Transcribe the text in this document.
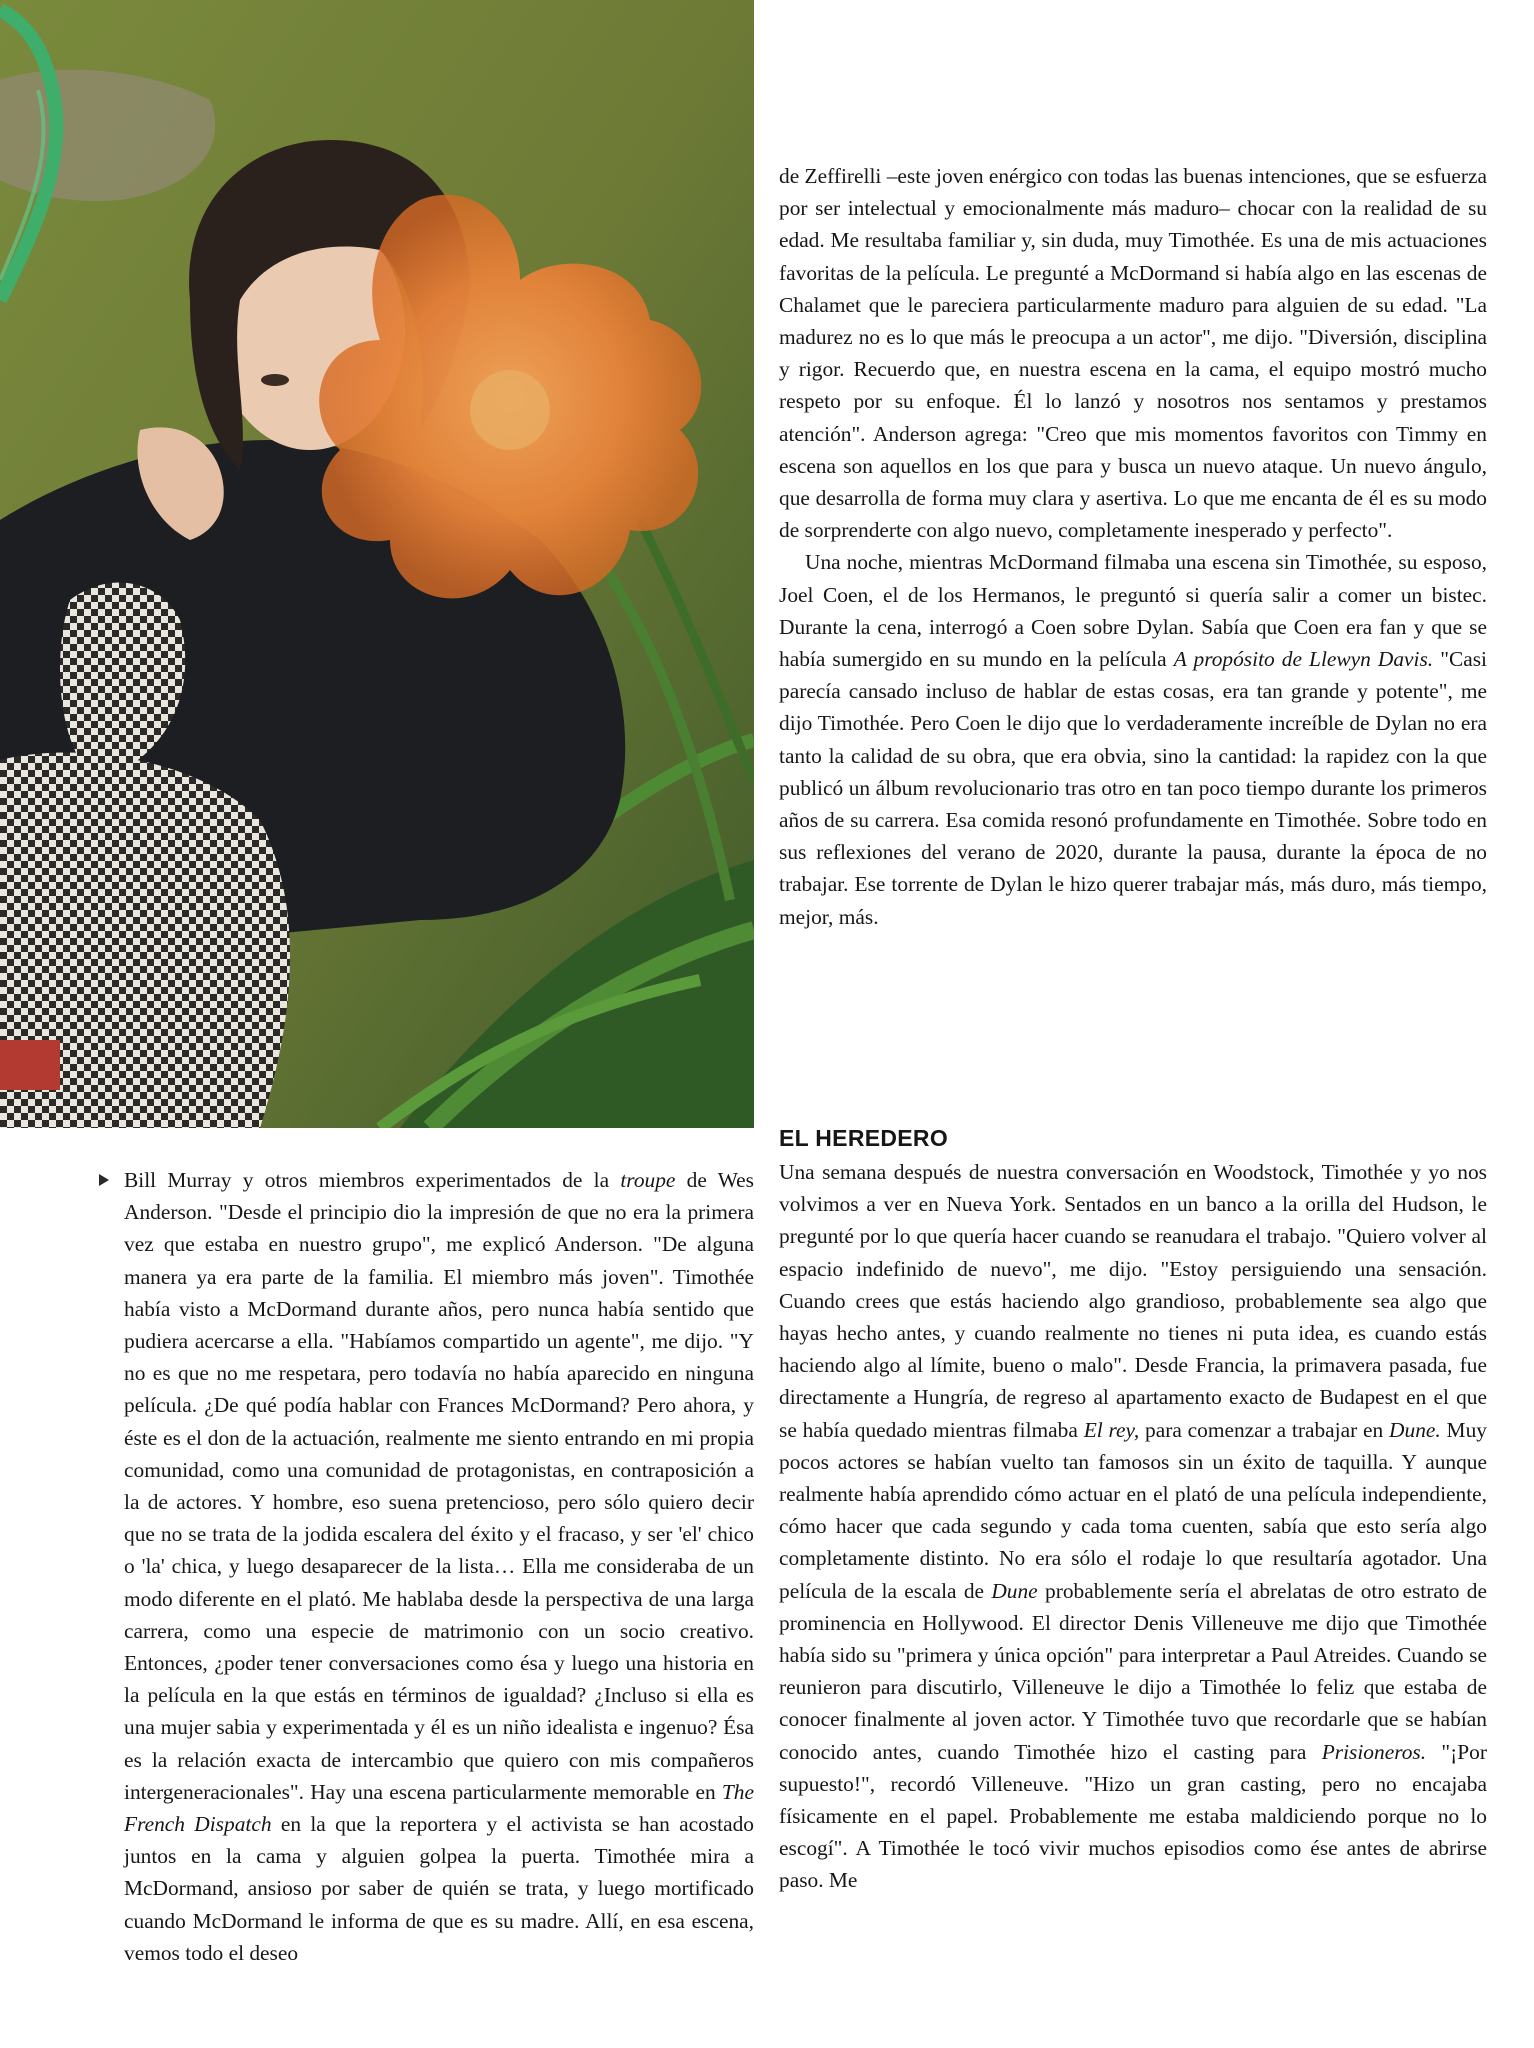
de Zeffirelli –este joven enérgico con todas las buenas intenciones, que se esfuerza por ser intelectual y emocionalmente más maduro– chocar con la realidad de su edad. Me resultaba familiar y, sin duda, muy Timothée. Es una de mis actuaciones favoritas de la película. Le pregunté a McDormand si había algo en las escenas de Chalamet que le pareciera particularmente maduro para alguien de su edad. "La madurez no es lo que más le preocupa a un actor", me dijo. "Diversión, disciplina y rigor. Recuerdo que, en nuestra escena en la cama, el equipo mostró mucho respeto por su enfoque. Él lo lanzó y nosotros nos sentamos y prestamos atención". Anderson agrega: "Creo que mis momentos favoritos con Timmy en escena son aquellos en los que para y busca un nuevo ataque. Un nuevo ángulo, que desarrolla de forma muy clara y asertiva. Lo que me encanta de él es su modo de sorprenderte con algo nuevo, completamente inesperado y perfecto".

Una noche, mientras McDormand filmaba una escena sin Timothée, su esposo, Joel Coen, el de los Hermanos, le preguntó si quería salir a comer un bistec. Durante la cena, interrogó a Coen sobre Dylan. Sabía que Coen era fan y que se había sumergido en su mundo en la película A propósito de Llewyn Davis. "Casi parecía cansado incluso de hablar de estas cosas, era tan grande y potente", me dijo Timothée. Pero Coen le dijo que lo verdaderamente increíble de Dylan no era tanto la calidad de su obra, que era obvia, sino la cantidad: la rapidez con la que publicó un álbum revolucionario tras otro en tan poco tiempo durante los primeros años de su carrera. Esa comida resonó profundamente en Timothée. Sobre todo en sus reflexiones del verano de 2020, durante la pausa, durante la época de no trabajar. Ese torrente de Dylan le hizo querer trabajar más, más duro, más tiempo, mejor, más.

EL HEREDERO

Una semana después de nuestra conversación en Woodstock, Timothée y yo nos volvimos a ver en Nueva York. Sentados en un banco a la orilla del Hudson, le pregunté por lo que quería hacer cuando se reanudara el trabajo. "Quiero volver al espacio indefinido de nuevo", me dijo. "Estoy persiguiendo una sensación. Cuando crees que estás haciendo algo grandioso, probablemente sea algo que hayas hecho antes, y cuando realmente no tienes ni puta idea, es cuando estás haciendo algo al límite, bueno o malo". Desde Francia, la primavera pasada, fue directamente a Hungría, de regreso al apartamento exacto de Budapest en el que se había quedado mientras filmaba El rey, para comenzar a trabajar en Dune. Muy pocos actores se habían vuelto tan famosos sin un éxito de taquilla. Y aunque realmente había aprendido cómo actuar en el plató de una película independiente, cómo hacer que cada segundo y cada toma cuenten, sabía que esto sería algo completamente distinto. No era sólo el rodaje lo que resultaría agotador. Una película de la escala de Dune probablemente sería el abrelatas de otro estrato de prominencia en Hollywood. El director Denis Villeneuve me dijo que Timothée había sido su "primera y única opción" para interpretar a Paul Atreides. Cuando se reunieron para discutirlo, Villeneuve le dijo a Timothée lo feliz que estaba de conocer finalmente al joven actor. Y Timothée tuvo que recordarle que se habían conocido antes, cuando Timothée hizo el casting para Prisioneros. "¡Por supuesto!", recordó Villeneuve. "Hizo un gran casting, pero no encajaba físicamente en el papel. Probablemente me estaba maldiciendo porque no lo escogí". A Timothée le tocó vivir muchos episodios como ése antes de abrirse paso. Me

Bill Murray y otros miembros experimentados de la troupe de Wes Anderson. "Desde el principio dio la impresión de que no era la primera vez que estaba en nuestro grupo", me explicó Anderson. "De alguna manera ya era parte de la familia. El miembro más joven". Timothée había visto a McDormand durante años, pero nunca había sentido que pudiera acercarse a ella. "Habíamos compartido un agente", me dijo. "Y no es que no me respetara, pero todavía no había aparecido en ninguna película. ¿De qué podía hablar con Frances McDormand? Pero ahora, y éste es el don de la actuación, realmente me siento entrando en mi propia comunidad, como una comunidad de protagonistas, en contraposición a la de actores. Y hombre, eso suena pretencioso, pero sólo quiero decir que no se trata de la jodida escalera del éxito y el fracaso, y ser 'el' chico o 'la' chica, y luego desaparecer de la lista… Ella me consideraba de un modo diferente en el plató. Me hablaba desde la perspectiva de una larga carrera, como una especie de matrimonio con un socio creativo. Entonces, ¿poder tener conversaciones como ésa y luego una historia en la película en la que estás en términos de igualdad? ¿Incluso si ella es una mujer sabia y experimentada y él es un niño idealista e ingenuo? Ésa es la relación exacta de intercambio que quiero con mis compañeros intergeneracionales". Hay una escena particularmente memorable en The French Dispatch en la que la reportera y el activista se han acostado juntos en la cama y alguien golpea la puerta. Timothée mira a McDormand, ansioso por saber de quién se trata, y luego mortificado cuando McDormand le informa de que es su madre. Allí, en esa escena, vemos todo el deseo
